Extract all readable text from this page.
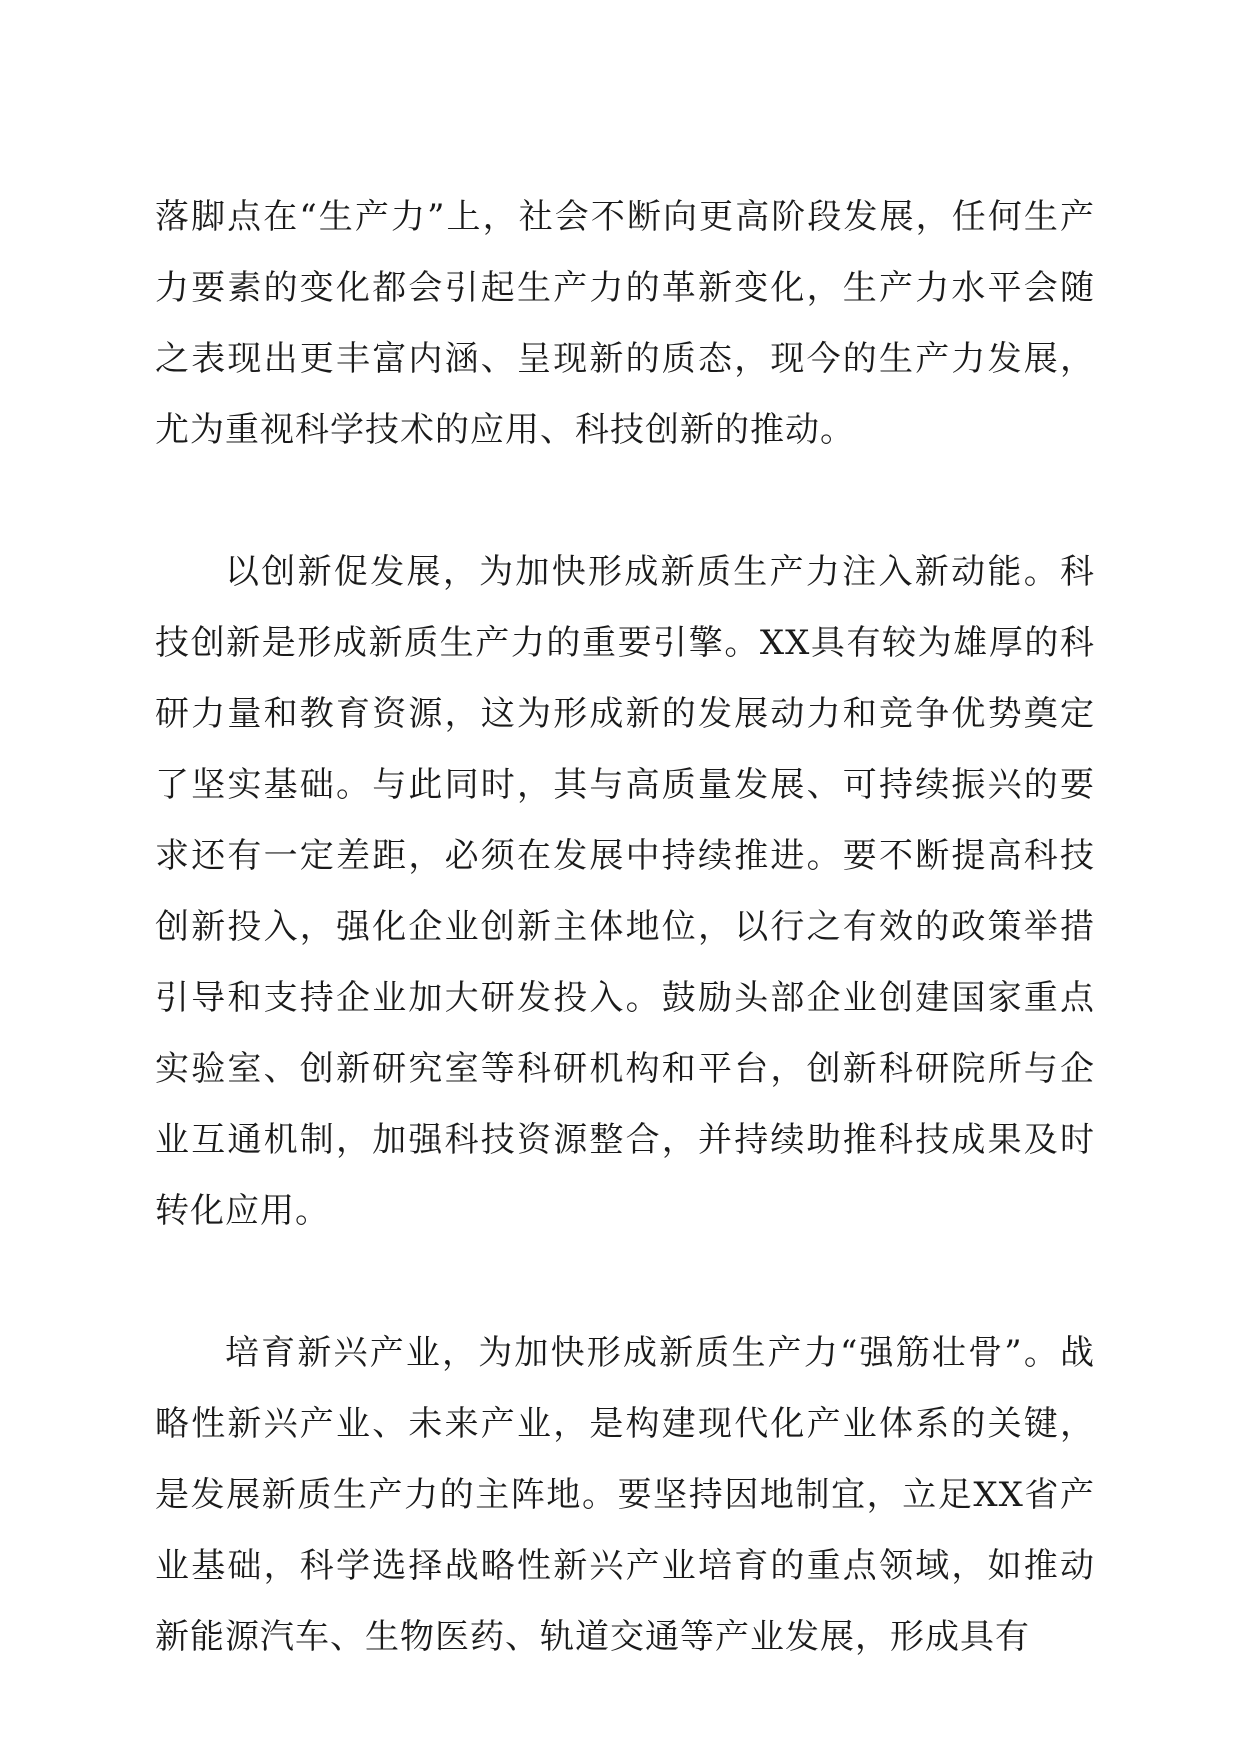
落脚点在“生产力”上，社会不断向更高阶段发展，任何生产力要素的变化都会引起生产力的革新变化，生产力水平会随之表现出更丰富内涵、呈现新的质态，现今的生产力发展，尤为重视科学技术的应用、科技创新的推动。

以创新促发展，为加快形成新质生产力注入新动能。科技创新是形成新质生产力的重要引擎。XX具有较为雄厚的科研力量和教育资源，这为形成新的发展动力和竞争优势奠定了坚实基础。与此同时，其与高质量发展、可持续振兴的要求还有一定差距，必须在发展中持续推进。要不断提高科技创新投入，强化企业创新主体地位，以行之有效的政策举措引导和支持企业加大研发投入。鼓励头部企业创建国家重点实验室、创新研究室等科研机构和平台，创新科研院所与企业互通机制，加强科技资源整合，并持续助推科技成果及时转化应用。

培育新兴产业，为加快形成新质生产力“强筋壮骨”。战略性新兴产业、未来产业，是构建现代化产业体系的关键，是发展新质生产力的主阵地。要坚持因地制宜，立足XX省产业基础，科学选择战略性新兴产业培育的重点领域，如推动新能源汽车、生物医药、轨道交通等产业发展，形成具有
